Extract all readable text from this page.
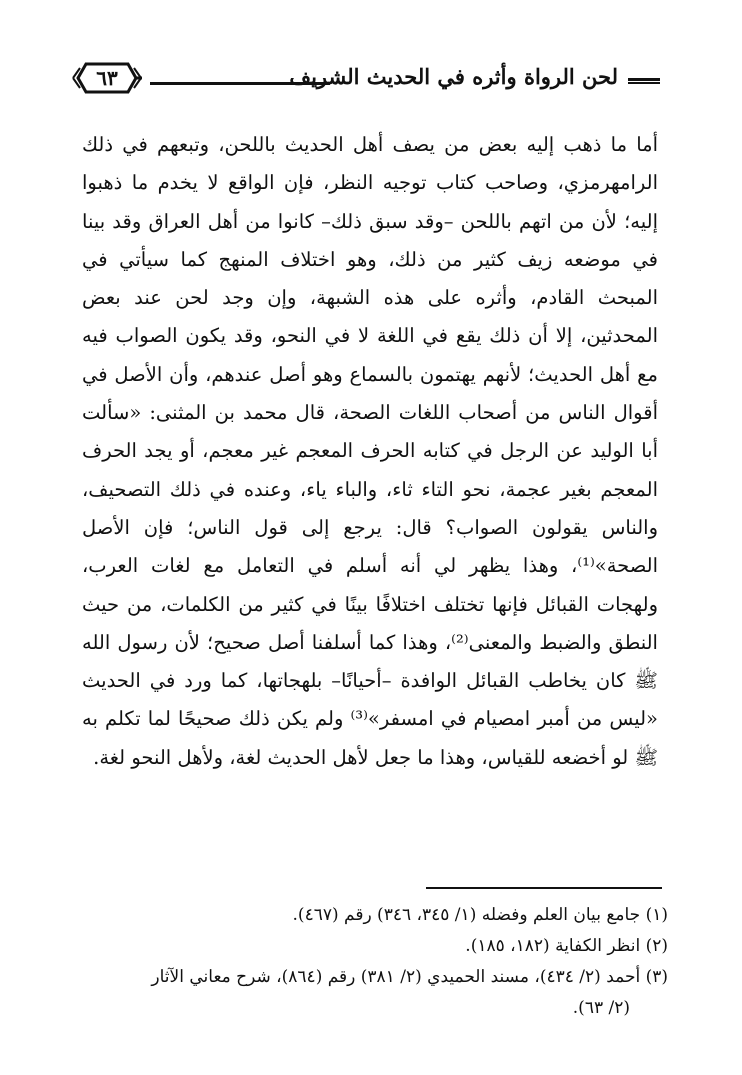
٦٣	لحن الرواة وأثره في الحديث الشريف

أما ما ذهب إليه بعض من يصف أهل الحديث باللحن، وتبعهم في ذلك الرامهرمزي، وصاحب كتاب توجيه النظر، فإن الواقع لا يخدم ما ذهبوا إليه؛ لأن من اتهم باللحن –وقد سبق ذلك– كانوا من أهل العراق وقد بينا في موضعه زيف كثير من ذلك، وهو اختلاف المنهج كما سيأتي في المبحث القادم، وأثره على هذه الشبهة، وإن وجد لحن عند بعض المحدثين، إلا أن ذلك يقع في اللغة لا في النحو، وقد يكون الصواب فيه مع أهل الحديث؛ لأنهم يهتمون بالسماع وهو أصل عندهم، وأن الأصل في أقوال الناس من أصحاب اللغات الصحة، قال محمد بن المثنى: «سألت أبا الوليد عن الرجل في كتابه الحرف المعجم غير معجم، أو يجد الحرف المعجم بغير عجمة، نحو التاء ثاء، والباء ياء، وعنده في ذلك التصحيف، والناس يقولون الصواب؟ قال: يرجع إلى قول الناس؛ فإن الأصل الصحة»⁽¹⁾، وهذا يظهر لي أنه أسلم في التعامل مع لغات العرب، ولهجات القبائل فإنها تختلف اختلافًا بينًا في كثير من الكلمات، من حيث النطق والضبط والمعنى⁽²⁾، وهذا كما أسلفنا أصل صحيح؛ لأن رسول الله ﷺ كان يخاطب القبائل الوافدة –أحيانًا– بلهجاتها، كما ورد في الحديث «ليس من أمبر امصيام في امسفر»⁽³⁾ ولم يكن ذلك صحيحًا لما تكلم به ﷺ لو أخضعه للقياس، وهذا ما جعل لأهل الحديث لغة، ولأهل النحو لغة.

(١) جامع بيان العلم وفضله (١/ ٣٤٥، ٣٤٦) رقم (٤٦٧).

(٢) انظر الكفاية (١٨٢، ١٨٥).

(٣) أحمد (٢/ ٤٣٤)، مسند الحميدي (٢/ ٣٨١) رقم (٨٦٤)، شرح معاني الآثار

(٢/ ٦٣).
